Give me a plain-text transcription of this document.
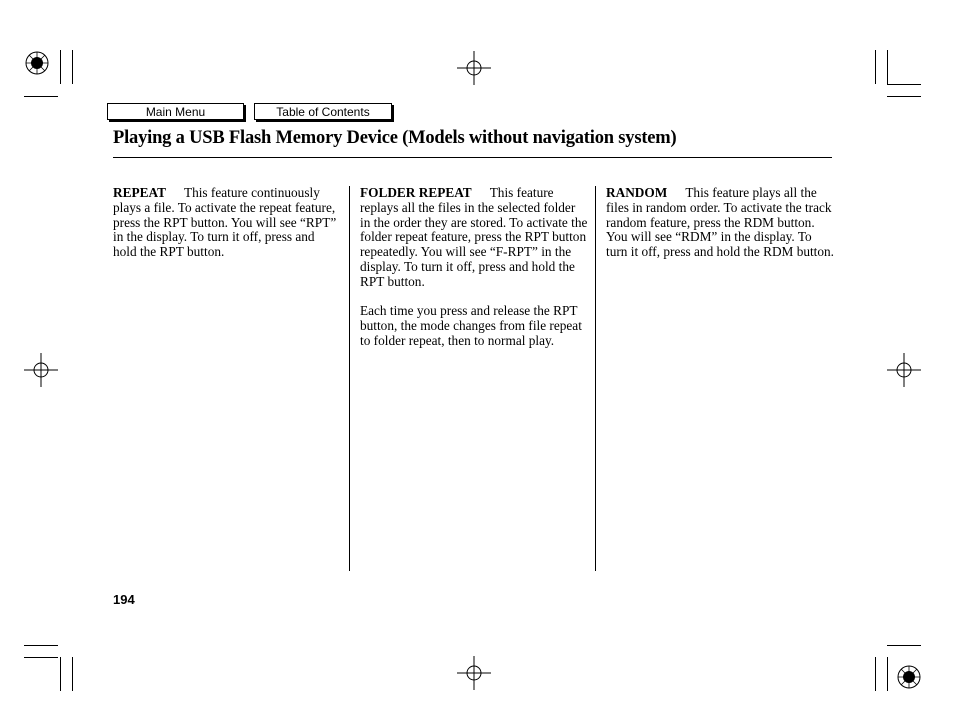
Main Menu	Table of Contents
Playing a USB Flash Memory Device (Models without navigation system)

REPEAT This feature continuously plays a file. To activate the repeat feature, press the RPT button. You will see “RPT” in the display. To turn it off, press and hold the RPT button.

FOLDER REPEAT This feature replays all the files in the selected folder in the order they are stored. To activate the folder repeat feature, press the RPT button repeatedly. You will see “F-RPT” in the display. To turn it off, press and hold the RPT button.

Each time you press and release the RPT button, the mode changes from file repeat to folder repeat, then to normal play.

RANDOM This feature plays all the files in random order. To activate the track random feature, press the RDM button. You will see “RDM” in the display. To turn it off, press and hold the RDM button.

194
